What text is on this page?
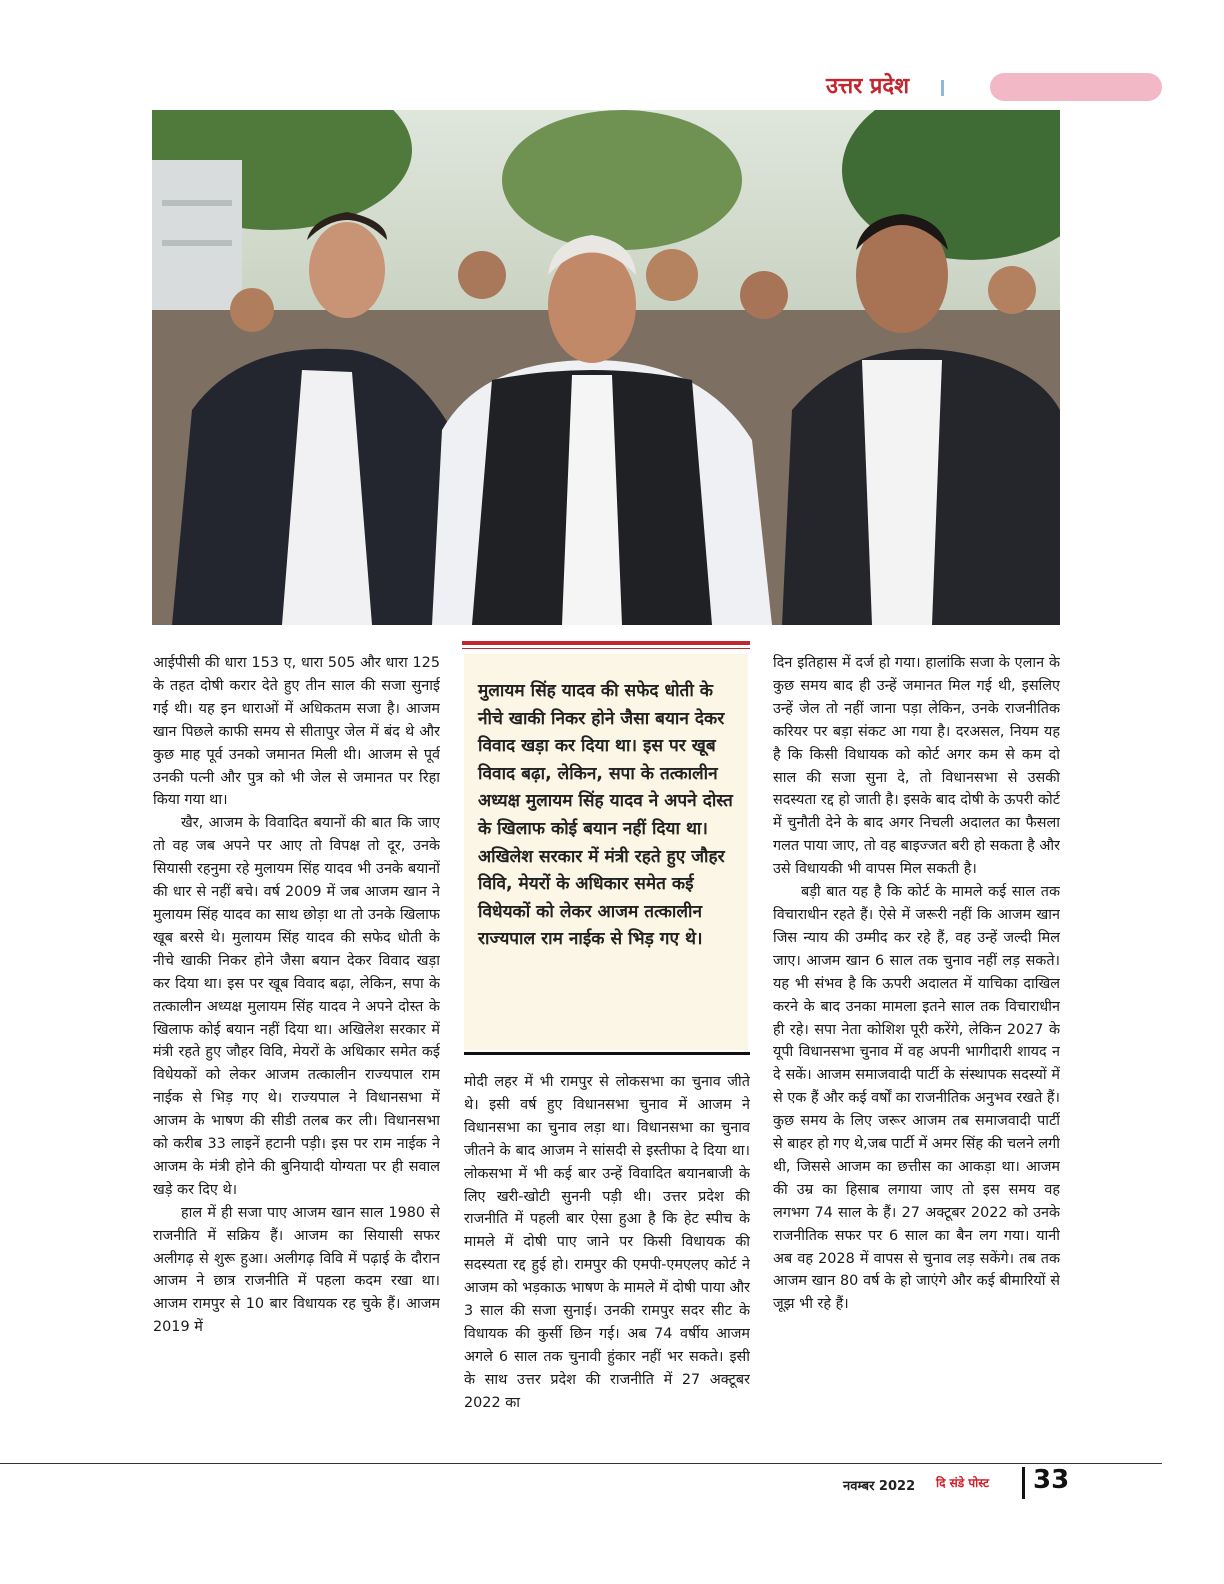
उत्तर प्रदेश

आईपीसी की धारा 153 ए, धारा 505 और धारा 125 के तहत दोषी करार देते हुए तीन साल की सजा सुनाई गई थी। यह इन धाराओं में अधिकतम सजा है। आजम खान पिछले काफी समय से सीतापुर जेल में बंद थे और कुछ माह पूर्व उनको जमानत मिली थी। आजम से पूर्व उनकी पत्नी और पुत्र को भी जेल से जमानत पर रिहा किया गया था।

खैर, आजम के विवादित बयानों की बात कि जाए तो वह जब अपने पर आए तो विपक्ष तो दूर, उनके सियासी रहनुमा रहे मुलायम सिंह यादव भी उनके बयानों की धार से नहीं बचे। वर्ष 2009 में जब आजम खान ने मुलायम सिंह यादव का साथ छोड़ा था तो उनके खिलाफ खूब बरसे थे। मुलायम सिंह यादव की सफेद धोती के नीचे खाकी निकर होने जैसा बयान देकर विवाद खड़ा कर दिया था। इस पर खूब विवाद बढ़ा, लेकिन, सपा के तत्कालीन अध्यक्ष मुलायम सिंह यादव ने अपने दोस्त के खिलाफ कोई बयान नहीं दिया था। अखिलेश सरकार में मंत्री रहते हुए जौहर विवि, मेयरों के अधिकार समेत कई विधेयकों को लेकर आजम तत्कालीन राज्यपाल राम नाईक से भिड़ गए थे। राज्यपाल ने विधानसभा में आजम के भाषण की सीडी तलब कर ली। विधानसभा को करीब 33 लाइनें हटानी पड़ी। इस पर राम नाईक ने आजम के मंत्री होने की बुनियादी योग्यता पर ही सवाल खड़े कर दिए थे।

हाल में ही सजा पाए आजम खान साल 1980 से राजनीति में सक्रिय हैं। आजम का सियासी सफर अलीगढ़ से शुरू हुआ। अलीगढ़ विवि में पढ़ाई के दौरान आजम ने छात्र राजनीति में पहला कदम रखा था। आजम रामपुर से 10 बार विधायक रह चुके हैं। आजम 2019 में

मुलायम सिंह यादव की सफेद धोती के नीचे खाकी निकर होने जैसा बयान देकर विवाद खड़ा कर दिया था। इस पर खूब विवाद बढ़ा, लेकिन, सपा के तत्कालीन अध्यक्ष मुलायम सिंह यादव ने अपने दोस्त के खिलाफ कोई बयान नहीं दिया था। अखिलेश सरकार में मंत्री रहते हुए जौहर विवि, मेयरों के अधिकार समेत कई विधेयकों को लेकर आजम तत्कालीन राज्यपाल राम नाईक से भिड़ गए थे।

मोदी लहर में भी रामपुर से लोकसभा का चुनाव जीते थे। इसी वर्ष हुए विधानसभा चुनाव में आजम ने विधानसभा का चुनाव लड़ा था। विधानसभा का चुनाव जीतने के बाद आजम ने सांसदी से इस्तीफा दे दिया था। लोकसभा में भी कई बार उन्हें विवादित बयानबाजी के लिए खरी-खोटी सुननी पड़ी थी। उत्तर प्रदेश की राजनीति में पहली बार ऐसा हुआ है कि हेट स्पीच के मामले में दोषी पाए जाने पर किसी विधायक की सदस्यता रद्द हुई हो। रामपुर की एमपी-एमएलए कोर्ट ने आजम को भड़काऊ भाषण के मामले में दोषी पाया और 3 साल की सजा सुनाई। उनकी रामपुर सदर सीट के विधायक की कुर्सी छिन गई। अब 74 वर्षीय आजम अगले 6 साल तक चुनावी हुंकार नहीं भर सकते। इसी के साथ उत्तर प्रदेश की राजनीति में 27 अक्टूबर 2022 का

दिन इतिहास में दर्ज हो गया। हालांकि सजा के एलान के कुछ समय बाद ही उन्हें जमानत मिल गई थी, इसलिए उन्हें जेल तो नहीं जाना पड़ा लेकिन, उनके राजनीतिक करियर पर बड़ा संकट आ गया है। दरअसल, नियम यह है कि किसी विधायक को कोर्ट अगर कम से कम दो साल की सजा सुना दे, तो विधानसभा से उसकी सदस्यता रद्द हो जाती है। इसके बाद दोषी के ऊपरी कोर्ट में चुनौती देने के बाद अगर निचली अदालत का फैसला गलत पाया जाए, तो वह बाइज्जत बरी हो सकता है और उसे विधायकी भी वापस मिल सकती है।

बड़ी बात यह है कि कोर्ट के मामले कई साल तक विचाराधीन रहते हैं। ऐसे में जरूरी नहीं कि आजम खान जिस न्याय की उम्मीद कर रहे हैं, वह उन्हें जल्दी मिल जाए। आजम खान 6 साल तक चुनाव नहीं लड़ सकते। यह भी संभव है कि ऊपरी अदालत में याचिका दाखिल करने के बाद उनका मामला इतने साल तक विचाराधीन ही रहे। सपा नेता कोशिश पूरी करेंगे, लेकिन 2027 के यूपी विधानसभा चुनाव में वह अपनी भागीदारी शायद न दे सकें। आजम समाजवादी पार्टी के संस्थापक सदस्यों में से एक हैं और कई वर्षों का राजनीतिक अनुभव रखते हैं। कुछ समय के लिए जरूर आजम तब समाजवादी पार्टी से बाहर हो गए थे,जब पार्टी में अमर सिंह की चलने लगी थी, जिससे आजम का छत्तीस का आकड़ा था। आजम की उम्र का हिसाब लगाया जाए तो इस समय वह लगभग 74 साल के हैं। 27 अक्टूबर 2022 को उनके राजनीतिक सफर पर 6 साल का बैन लग गया। यानी अब वह 2028 में वापस से चुनाव लड़ सकेंगे। तब तक आजम खान 80 वर्ष के हो जाएंगे और कई बीमारियों से जूझ भी रहे हैं।

नवम्बर 2022 दि संडे पोस्ट 33
